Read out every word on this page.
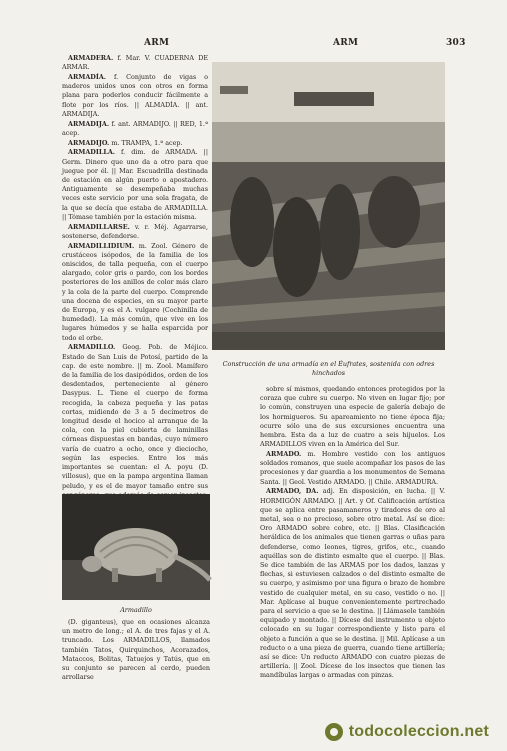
ARM	ARM	303

ARMADERA. f. Mar. V. CUADERNA DE ARMAR.

ARMADÍA. f. Conjunto de vigas o maderos unidos unos con otros en forma plana para poderlos conducir fácilmente a flote por los ríos. || ALMADÍA. || ant. ARMADIJA.

ARMADIJA. f. ant. ARMADIJO. || RED, 1.ª acep.

ARMADIJO. m. TRAMPA, 1.ª acep.

ARMADILLA. f. dim. de ARMADA. || Germ. Dinero que uno da a otro para que juegue por él. || Mar. Escuadrilla destinada de estación en algún puerto o apostadero. Antiguamente se desempeñaba muchas veces este servicio por una sola fragata, de la que se decía que estaba de ARMADILLA. || Tómase también por la estación misma.

ARMADILLARSE. v. r. Méj. Agarrarse, sostenerse, defenderse.

ARMADILLIDIUM. m. Zool. Género de crustáceos isópodos, de la familia de los oniscidos, de talla pequeña, con el cuerpo alargado, color gris o pardo, con los bordes posteriores de los anillos de color más claro y la cola de la parte del cuerpo. Comprende una docena de especies, en su mayor parte de Europa, y es el A. vulgare (Cochinilla de humedad). La más común, que vive en los lugares húmedos y se halla esparcida por todo el orbe.

ARMADILLO. Geog. Pob. de Méjico. Estado de San Luis de Potosí, partido de la cap. de este nombre. || m. Zool. Mamífero de la familia de los dasipódidos, orden de los desdentados, perteneciente al género Dasypus. L. Tiene el cuerpo de forma recogida, la cabeza pequeña y las patas cortas, midiendo de 3 a 5 decímetros de longitud desde el hocico al arranque de la cola, con la piel cubierta de laminillas córneas dispuestas en bandas, cuyo número varía de cuatro a ocho, once y dieciocho, según las especies. Entre los más importantes se cuentan: el A. poyu (D. villosus), que en la pampa argentina llaman peludo, y es el de mayor tamaño entre sus

Construcción de una armadía en el Éufrates, sostenida con odres hinchados
Armadillo

(D. giganteus), que en ocasiones alcanza un metro de long.; el A. de tres fajas y el A. truncado. Los ARMADILLOS, llamados también Tatos, Quirquinchos, Acorazados, Mataccos, Bolitas, Tatuejos y Tatús, que en su conjunto se parecen al cerdo, pueden arrollarse

sobre sí mismos, quedando entonces protegidos por la coraza que cubre su cuerpo. No viven en lugar fijo; por lo común, construyen una especie de galería debajo de los hormigueros. Su apareamiento no tiene época fija; ocurre sólo una de sus excursiones encuentra una hembra. Esta da a luz de cuatro a seis hijuelos. Los ARMADILLOS viven en la América del Sur.

ARMADO. m. Hombre vestido con los antiguos soldados romanos, que suele acompañar los pasos de las procesiones y dar guardia a los monumentos de Semana Santa. || Geol. Vestido ARMADO. || Chile. ARMADURA.

ARMADO, DA. adj. En disposición, en lucha. || V. HORMIGÓN ARMADO. || Art. y Of. Calificación artística que se aplica entre pasamaneros y tiradores de oro al metal, sea o no precioso, sobre otro metal. Así se dice: Oro ARMADO sobre cobre, etc. || Blas. Clasificación heráldica de los animales que tienen garras o uñas para defenderse, como leones, tigres, grifos, etc., cuando aquéllas son de distinto esmalte que el cuerpo. || Blas. Se dice también de las ARMAS por los dados, lanzas y flechas, si estuviesen calzados o del distinto esmalte de su cuerpo, y asimismo por una figura o brazo de hombre vestido de cualquier metal, en su caso, vestido o no. || Mar. Aplícase al buque convenientemente pertrechado para el servicio a que se le destina. || Llámasele también equipado y montado. || Dícese del instrumento u objeto colocado en su lugar correspondiente y listo para el objeto a función a que se le destina. || Mil. Aplícase a un reducto o a una pieza de guerra, cuando tiene artillería; así se dice: Un reducto ARMADO con cuatro piezas de artillería. || Zool. Dícese de los insectos que tienen las mandíbulas largas o armadas con pinzas.

todocoleccion.net
